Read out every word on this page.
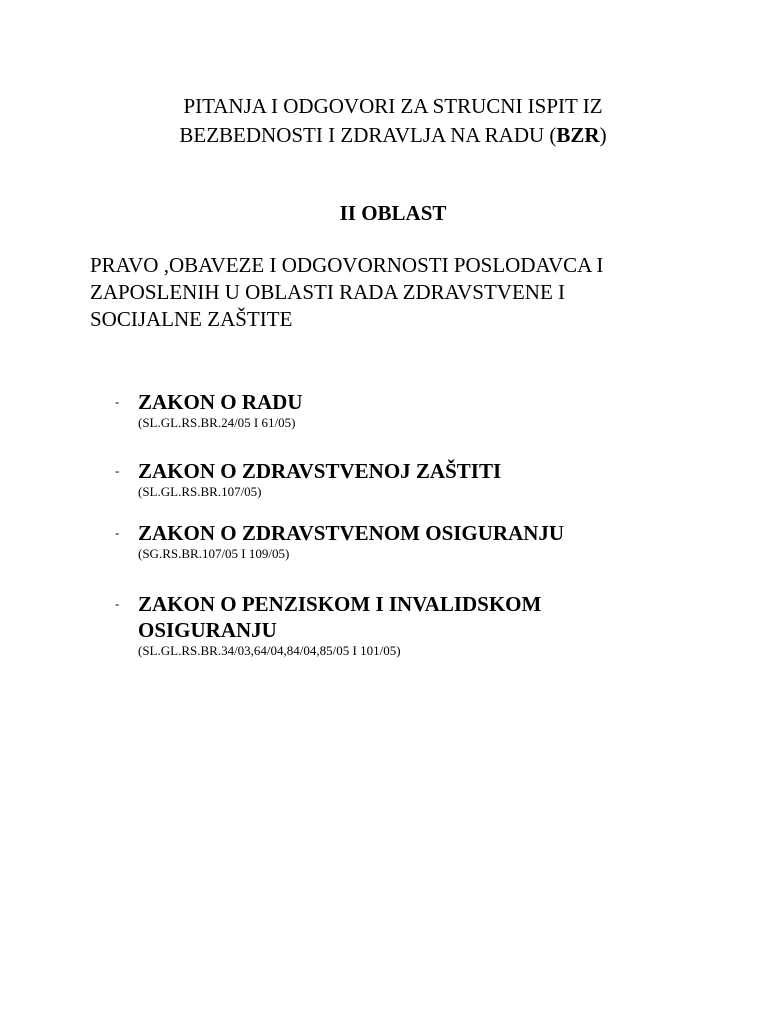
PITANJA I ODGOVORI ZA STRUCNI ISPIT IZ
BEZBEDNOSTI I ZDRAVLJA NA RADU (BZR)
II OBLAST
PRAVO ,OBAVEZE I ODGOVORNOSTI POSLODAVCA I
ZAPOSLENIH U OBLASTI RADA ZDRAVSTVENE I
SOCIJALNE ZAŠTITE
- ZAKON O RADU
(SL.GL.RS.BR.24/05 I 61/05)
- ZAKON O ZDRAVSTVENOJ ZAŠTITI
(SL.GL.RS.BR.107/05)
- ZAKON O ZDRAVSTVENOM OSIGURANJU
(SG.RS.BR.107/05 I 109/05)
- ZAKON O PENZISKOM I INVALIDSKOM
OSIGURANJU
(SL.GL.RS.BR.34/03,64/04,84/04,85/05 I 101/05)
